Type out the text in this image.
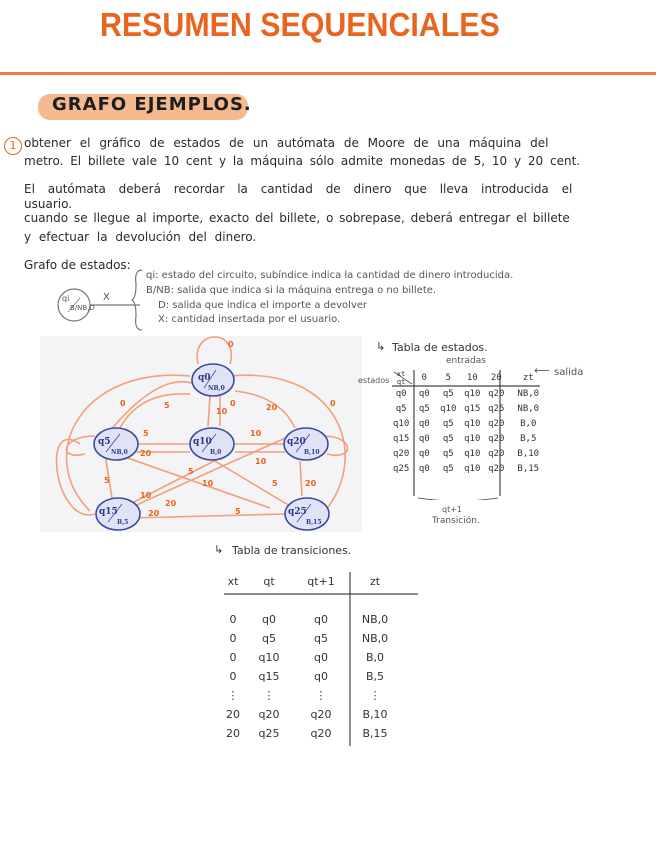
RESUMEN SEQUENCIALES
GRAFO EJEMPLOS.
1 obtener el gráfico de estados de un autómata de Moore de una máquina del
metro. El billete vale 10 cent y la máquina sólo admite monedas de 5, 10 y 20 cent.
El autómata deberá recordar la cantidad de dinero que lleva introducida el
usuario.
cuando se llegue al importe, exacto del billete, o sobrepase, deberá entregar el billete
y efectuar la devolución del dinero.
Grafo de estados:
qi
B/NB,D
X
qi: estado del circuito, subíndice indica la cantidad de dinero introducida.
B/NB: salida que indica si la máquina entrega o no billete.
D: salida que indica el importe a devolver
X: cantidad insertada por el usuario.
0
0
5	20
5
10
20
10
10
5
5
20
20
10
5
5
10
20
0	0
q0
NB,0
q5
NB,0
q10
B,0
q20
B,10
q15
B,5
q25
B,15
↳ Tabla de estados.
entradas
estados
salida
⟵
xt
qt	0	5	10	20	zt
q0	q0	q5	q10	q20	NB,0
q5	q5	q10	q15	q25	NB,0
q10	q0	q5	q10	q20	B,0
q15	q0	q5	q10	q20	B,5
q20	q0	q5	q10	q20	B,10
q25	q0	q5	q10	q20	B,15
qt+1
Transición.
↳ Tabla de transiciones.
xt	qt	qt+1	zt

0	q0	q0	NB,0
0	q5	q5	NB,0
0	q10	q0	B,0
0	q15	q0	B,5
⋮	⋮	⋮	⋮
20	q20	q20	B,10
20	q25	q20	B,15
